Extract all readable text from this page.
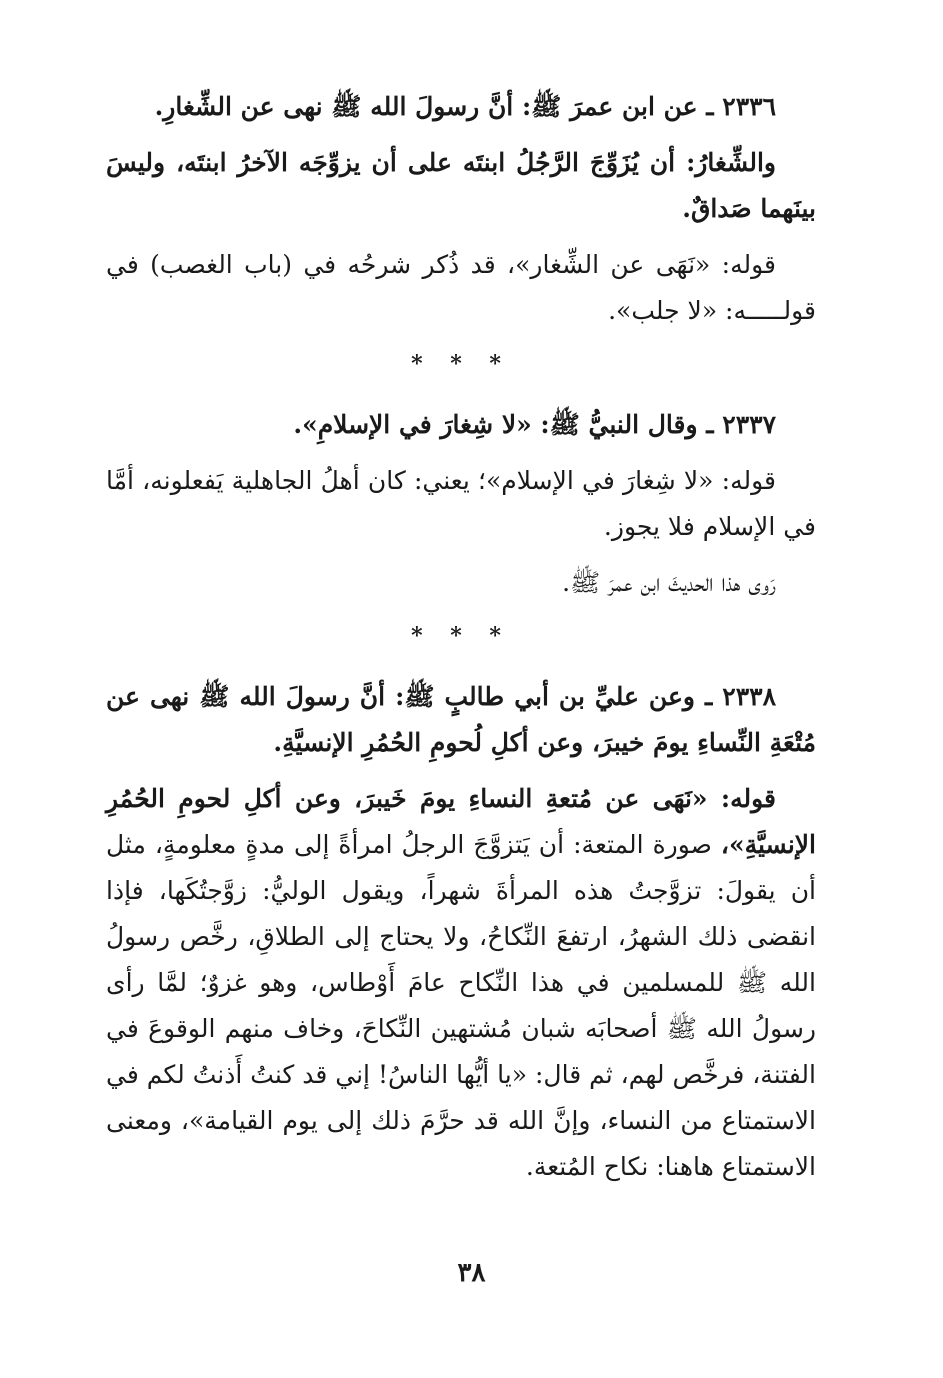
٢٣٣٦ ـ عن ابن عمرَ ﷺ: أنَّ رسولَ الله ﷺ نهى عن الشِّغارِ.

والشِّغارُ: أن يُزَوِّجَ الرَّجُلُ ابنتَه على أن يزوِّجَه الآخرُ ابنتَه، وليسَ بينَهما صَداقٌ.

قوله: «نَهَى عن الشِّغار»، قد ذُكر شرحُه في (باب الغصب) في قولـــــه: «لا جلب».

* * *

٢٣٣٧ ـ وقال النبيُّ ﷺ: «لا شِغارَ في الإسلامِ».

قوله: «لا شِغارَ في الإسلام»؛ يعني: كان أهلُ الجاهلية يَفعلونه، أمَّا في الإسلام فلا يجوز.

رَوى هذا الحديثَ ابن عمرَ ﷺ.

* * *

٢٣٣٨ ـ وعن عليِّ بن أبي طالبٍ ﷺ: أنَّ رسولَ الله ﷺ نهى عن مُتْعَةِ النِّساءِ يومَ خيبرَ، وعن أكلِ لُحومِ الحُمُرِ الإنسيَّةِ.

قوله: «نَهَى عن مُتعةِ النساءِ يومَ خَيبرَ، وعن أكلِ لحومِ الحُمُرِ الإنسيَّةِ»، صورة المتعة: أن يَتزوَّجَ الرجلُ امرأةً إلى مدةٍ معلومةٍ، مثل أن يقولَ: تزوَّجتُ هذه المرأةَ شهراً، ويقول الوليُّ: زوَّجتُكَها، فإذا انقضى ذلك الشهرُ، ارتفعَ النِّكاحُ، ولا يحتاج إلى الطلاقِ، رخَّص رسولُ الله ﷺ للمسلمين في هذا النِّكاح عامَ أَوْطاس، وهو غزوٌ؛ لمَّا رأى رسولُ الله ﷺ أصحابَه شبان مُشتهين النِّكاحَ، وخاف منهم الوقوعَ في الفتنة، فرخَّص لهم، ثم قال: «يا أيُّها الناسُ! إني قد كنتُ أَذنتُ لكم في الاستمتاع من النساء، وإنَّ الله قد حرَّمَ ذلك إلى يوم القيامة»، ومعنى الاستمتاع هاهنا: نكاح المُتعة.

٣٨
